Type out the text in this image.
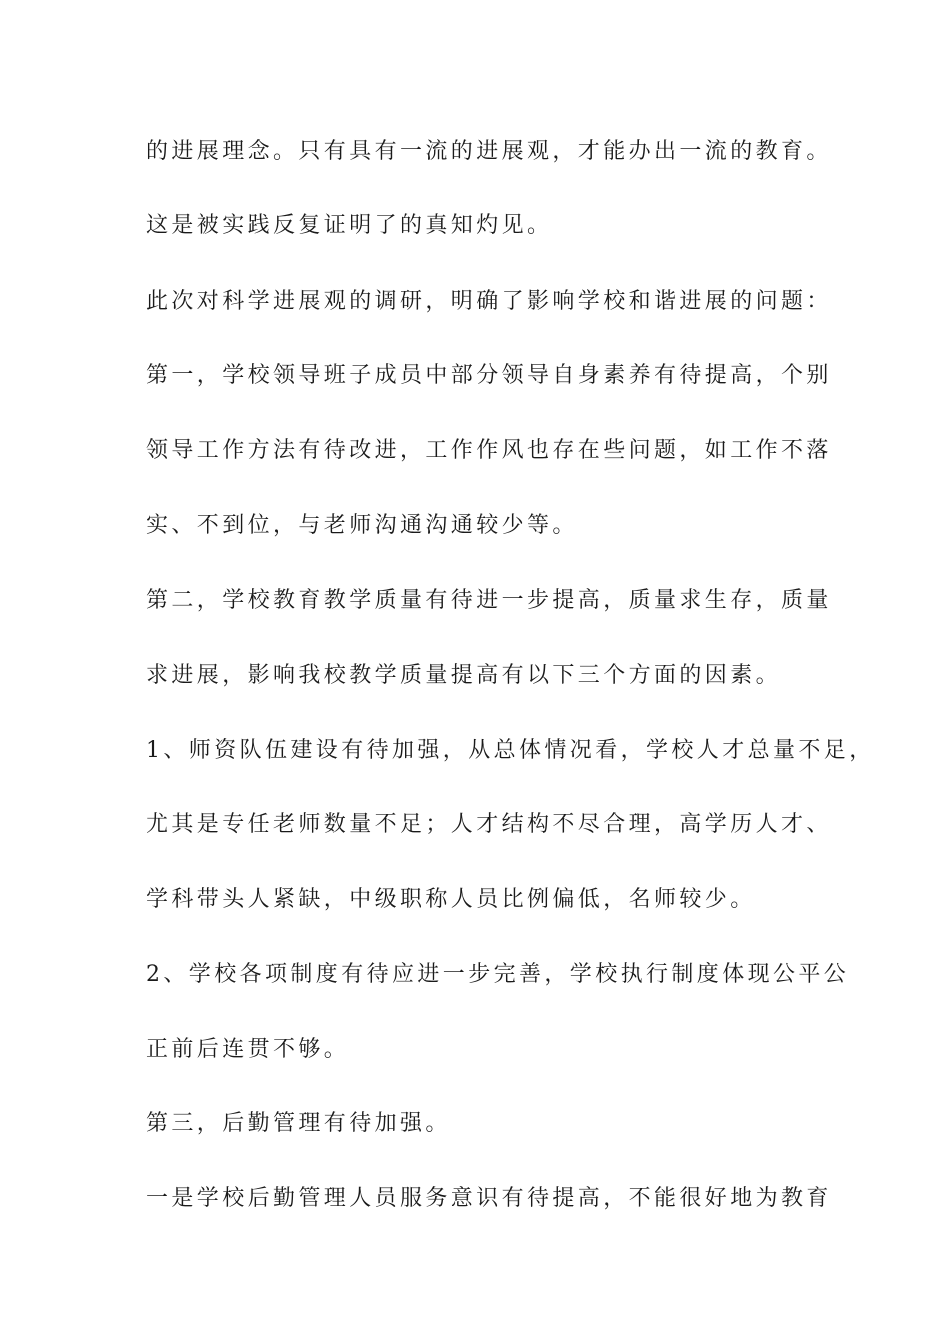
的进展理念。只有具有一流的进展观，才能办出一流的教育。
这是被实践反复证明了的真知灼见。
此次对科学进展观的调研，明确了影响学校和谐进展的问题：
第一，学校领导班子成员中部分领导自身素养有待提高，个别
领导工作方法有待改进，工作作风也存在些问题，如工作不落
实、不到位，与老师沟通沟通较少等。
第二，学校教育教学质量有待进一步提高，质量求生存，质量
求进展，影响我校教学质量提高有以下三个方面的因素。
1、师资队伍建设有待加强，从总体情况看，学校人才总量不足，
尤其是专任老师数量不足；人才结构不尽合理，高学历人才、
学科带头人紧缺，中级职称人员比例偏低，名师较少。
2、学校各项制度有待应进一步完善，学校执行制度体现公平公
正前后连贯不够。
第三，后勤管理有待加强。
一是学校后勤管理人员服务意识有待提高，不能很好地为教育
